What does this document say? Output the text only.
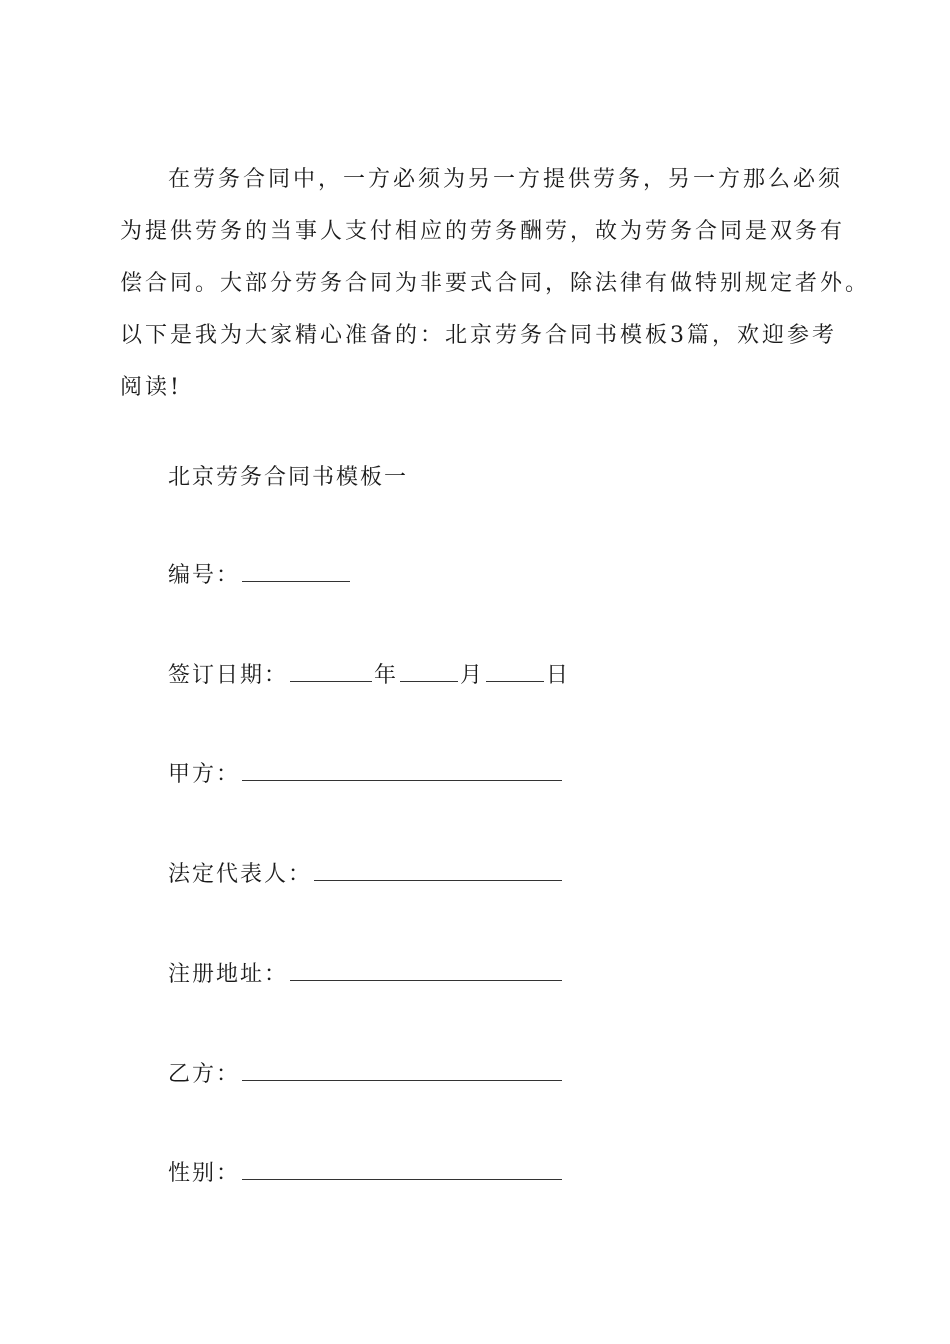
在劳务合同中，一方必须为另一方提供劳务，另一方那么必须
为提供劳务的当事人支付相应的劳务酬劳，故为劳务合同是双务有
偿合同。大部分劳务合同为非要式合同，除法律有做特别规定者外。
以下是我为大家精心准备的：北京劳务合同书模板3篇，欢迎参考
阅读!
北京劳务合同书模板一
编号：
签订日期：	年	月	日
甲方：
法定代表人：
注册地址：
乙方：
性别：
